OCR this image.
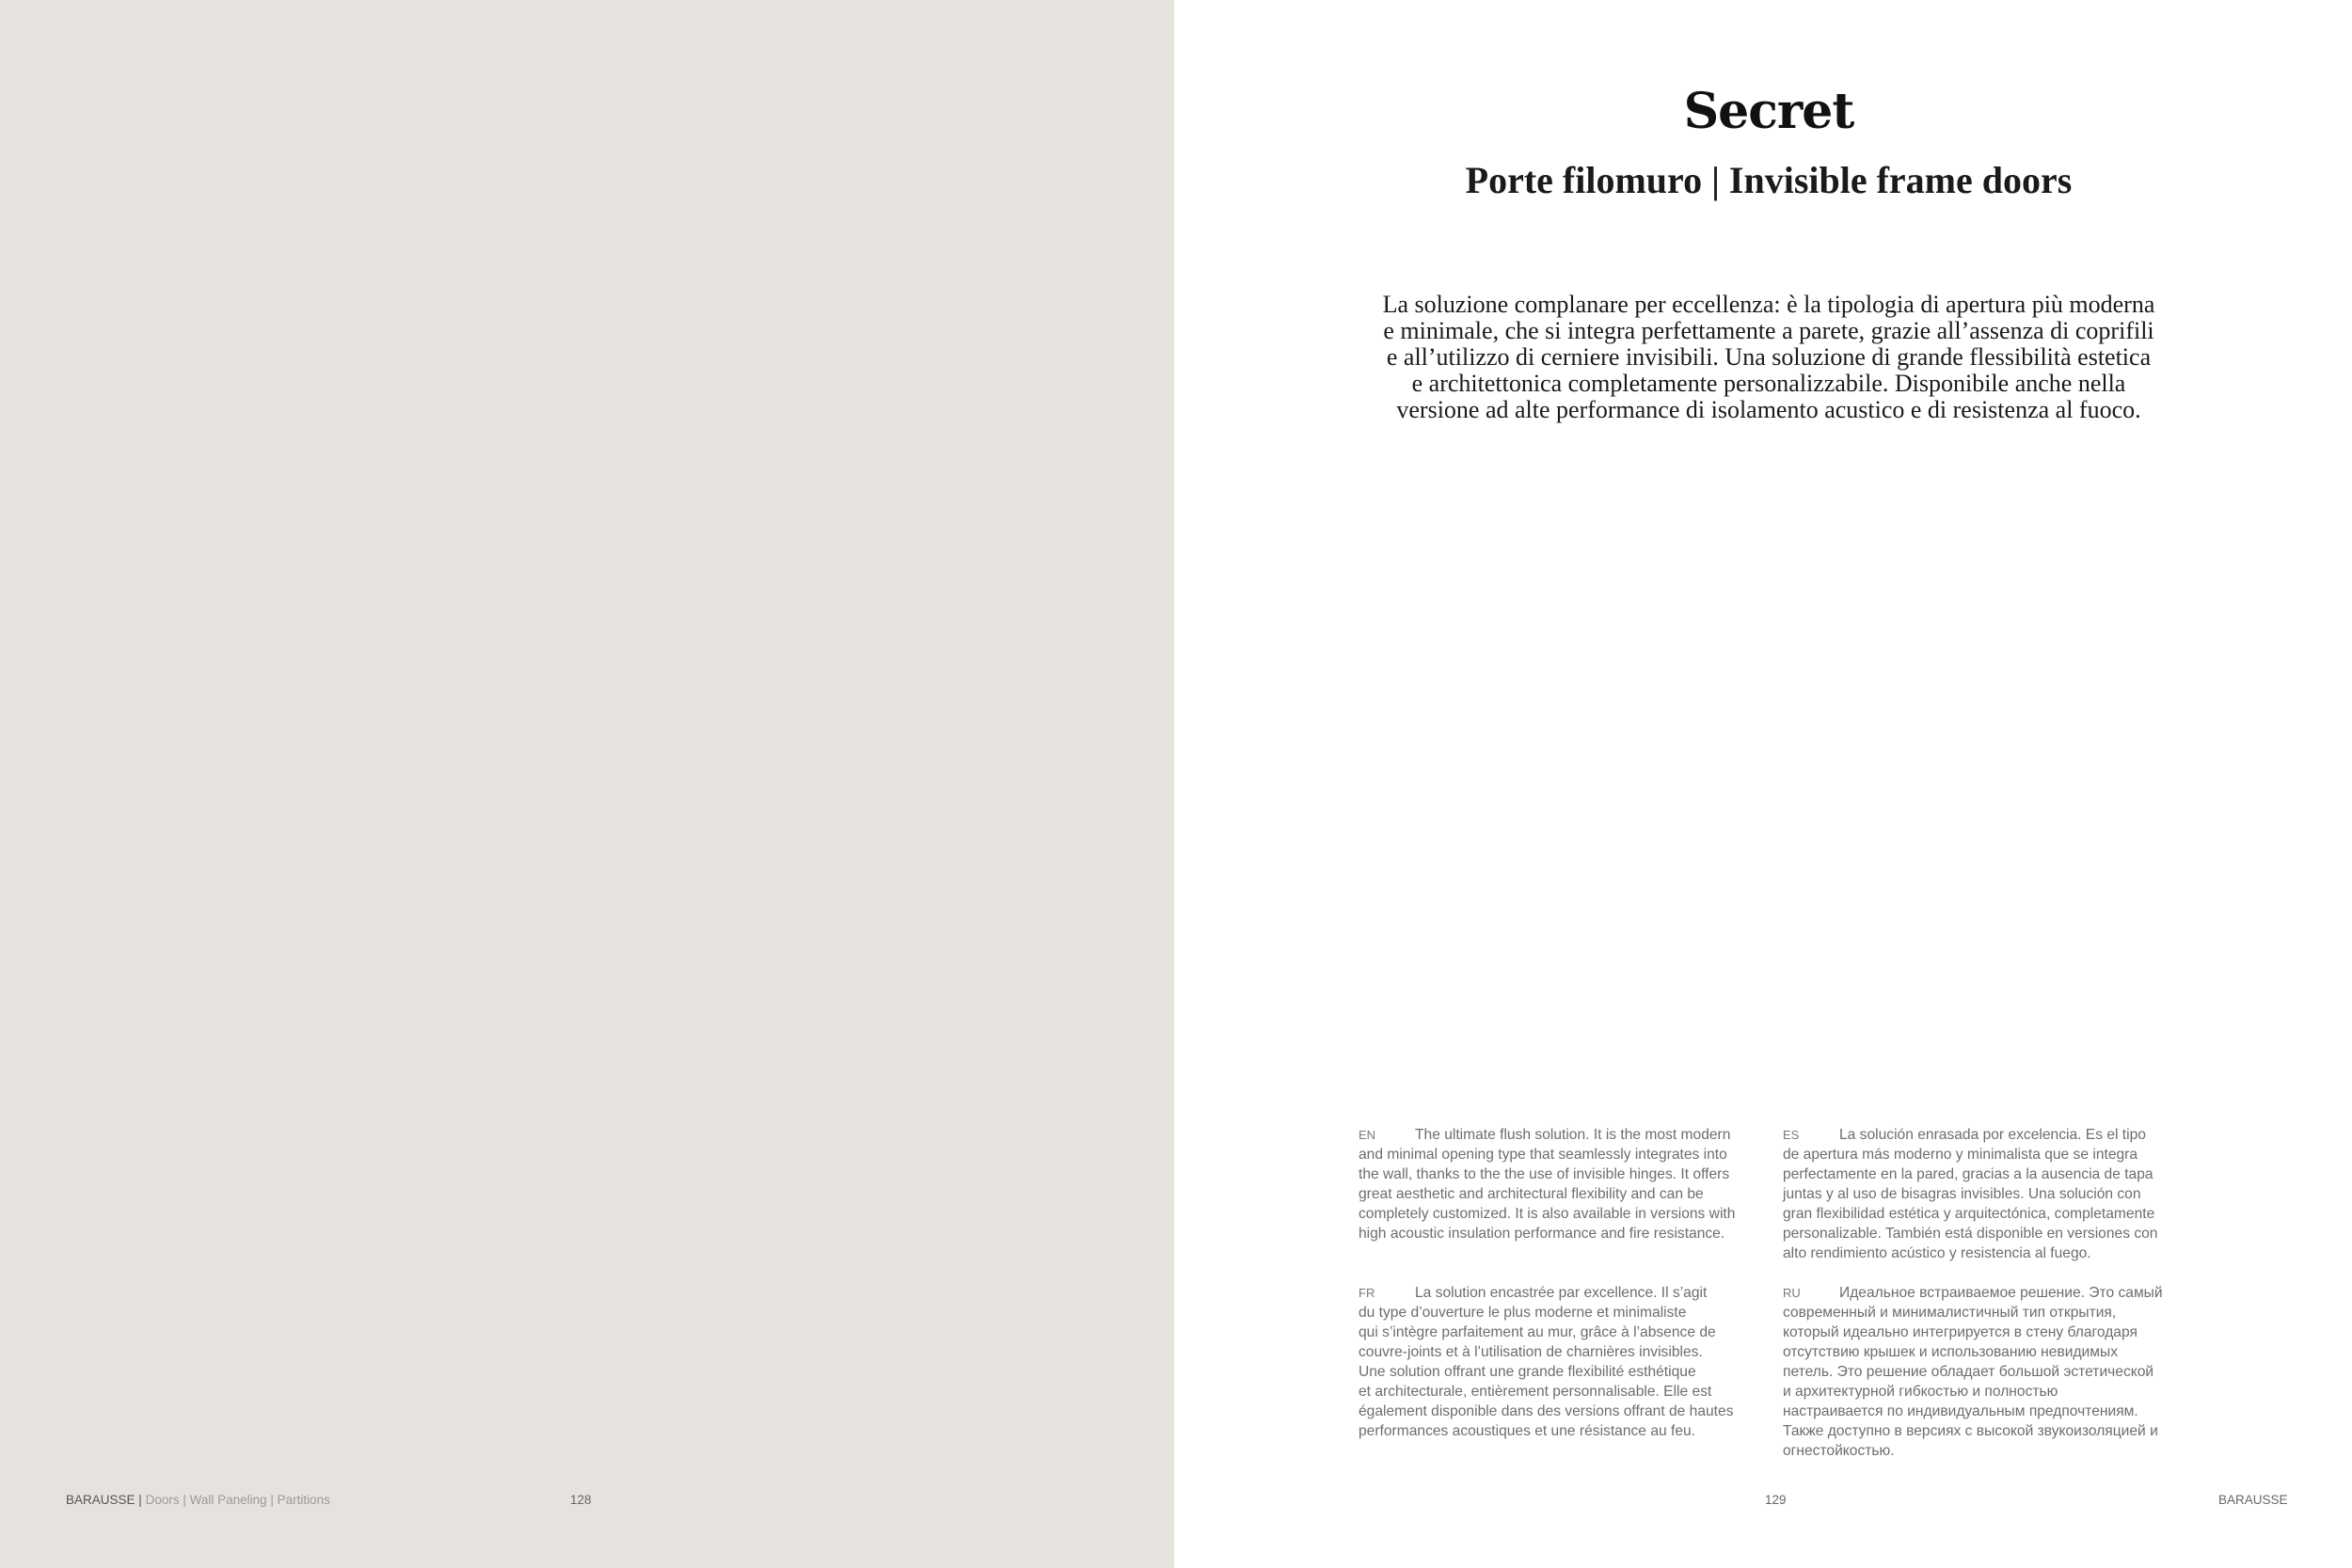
Secret
Porte filomuro | Invisible frame doors

La soluzione complanare per eccellenza: è la tipologia di apertura più moderna
e minimale, che si integra perfettamente a parete, grazie all’assenza di coprifili
e all’utilizzo di cerniere invisibili. Una soluzione di grande flessibilità estetica
e architettonica completamente personalizzabile. Disponibile anche nella
versione ad alte performance di isolamento acustico e di resistenza al fuoco.

EN	The ultimate flush solution. It is the most modern
and minimal opening type that seamlessly integrates into
the wall, thanks to the the use of invisible hinges. It offers
great aesthetic and architectural flexibility and can be
completely customized. It is also available in versions with
high acoustic insulation performance and fire resistance.

ES	La solución enrasada por excelencia. Es el tipo
de apertura más moderno y minimalista que se integra
perfectamente en la pared, gracias a la ausencia de tapa
juntas y al uso de bisagras invisibles. Una solución con
gran flexibilidad estética y arquitectónica, completamente
personalizable. También está disponible en versiones con
alto rendimiento acústico y resistencia al fuego.

FR	La solution encastrée par excellence. Il s’agit
du type d’ouverture le plus moderne et minimaliste
qui s’intègre parfaitement au mur, grâce à l’absence de
couvre-joints et à l’utilisation de charnières invisibles.
Une solution offrant une grande flexibilité esthétique
et architecturale, entièrement personnalisable. Elle est
également disponible dans des versions offrant de hautes
performances acoustiques et une résistance au feu.

RU	Идеальное встраиваемое решение. Это самый
современный и минималистичный тип открытия,
который идеально интегрируется в стену благодаря
отсутствию крышек и использованию невидимых
петель. Это решение обладает большой эстетической
и архитектурной гибкостью и полностью
настраивается по индивидуальным предпочтениям.
Также доступно в версиях с высокой звукоизоляцией и
огнестойкостью.

BARAUSSE | Doors | Wall Paneling | Partitions	128	129	BARAUSSE
